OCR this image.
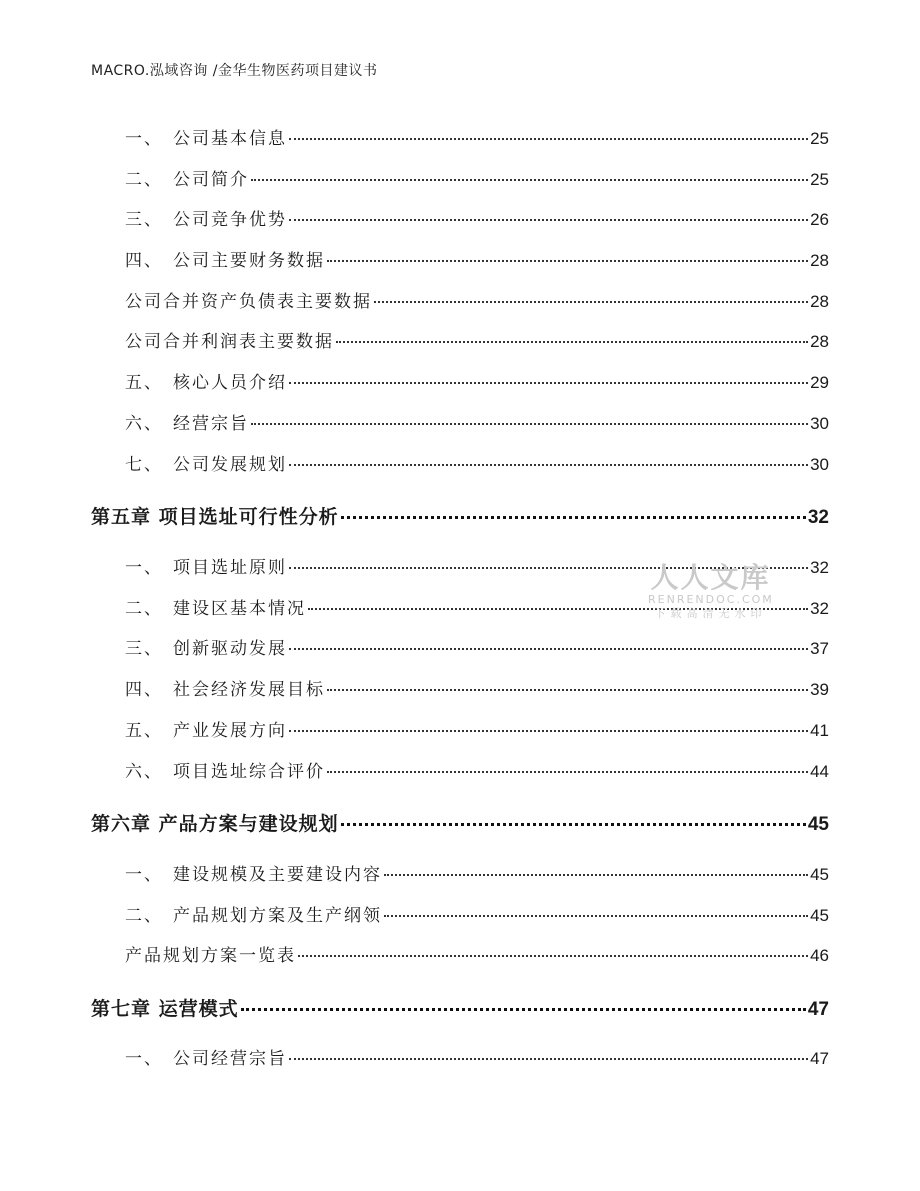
MACRO.泓域咨询 /金华生物医药项目建议书
一、 公司基本信息	25
二、 公司简介	25
三、 公司竞争优势	26
四、 公司主要财务数据	28
公司合并资产负债表主要数据	28
公司合并利润表主要数据	28
五、 核心人员介绍	29
六、 经营宗旨	30
七、 公司发展规划	30
第五章 项目选址可行性分析	32
一、 项目选址原则	32
二、 建设区基本情况	32
三、 创新驱动发展	37
四、 社会经济发展目标	39
五、 产业发展方向	41
六、 项目选址综合评价	44
第六章 产品方案与建设规划	45
一、 建设规模及主要建设内容	45
二、 产品规划方案及生产纲领	45
产品规划方案一览表	46
第七章 运营模式	47
一、 公司经营宗旨	47
人人文库
RENRENDOC.COM
下载高清无水印
